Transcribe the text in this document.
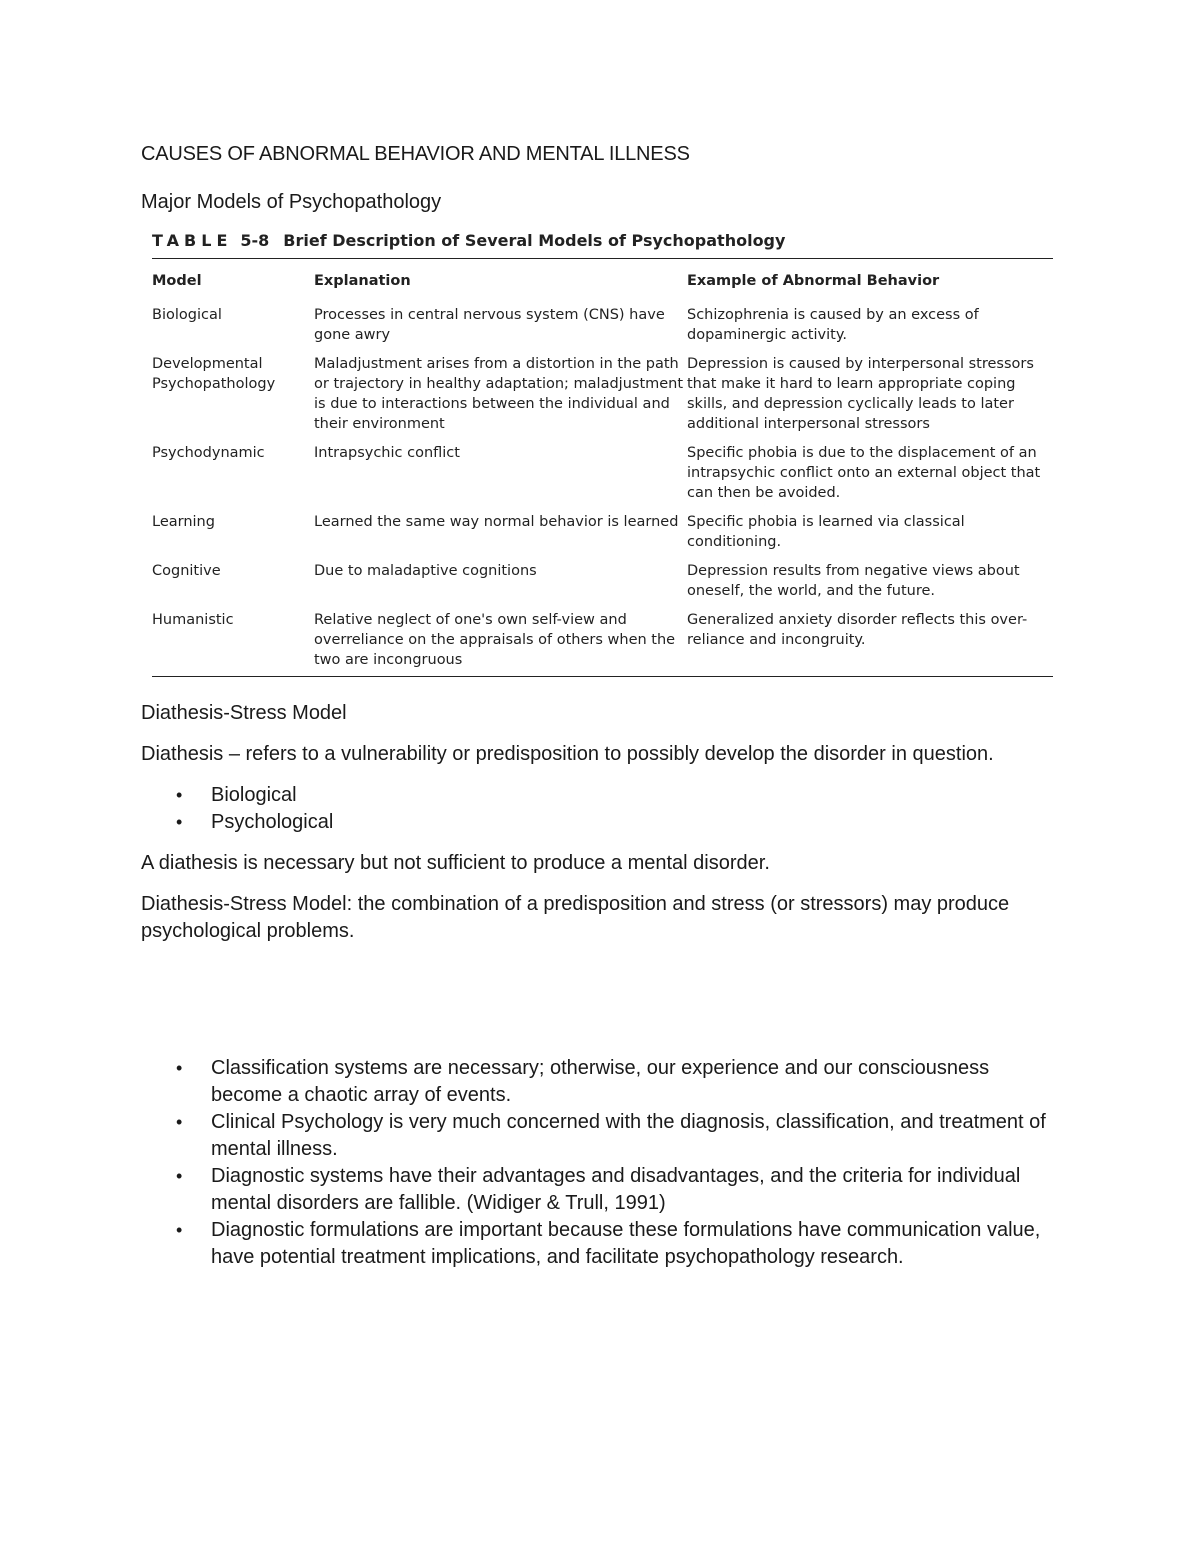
CAUSES OF ABNORMAL BEHAVIOR AND MENTAL ILLNESS
Major Models of Psychopathology
TABLE 5-8 Brief Description of Several Models of Psychopathology
Model	Explanation	Example of Abnormal Behavior
Biological	Processes in central nervous system (CNS) have gone awry	Schizophrenia is caused by an excess of dopaminergic activity.
Developmental Psychopathology	Maladjustment arises from a distortion in the path or trajectory in healthy adaptation; maladjustment is due to interactions between the individual and their environment	Depression is caused by interpersonal stressors that make it hard to learn appropriate coping skills, and depression cyclically leads to later additional interpersonal stressors
Psychodynamic	Intrapsychic conflict	Specific phobia is due to the displacement of an intrapsychic conflict onto an external object that can then be avoided.
Learning	Learned the same way normal behavior is learned	Specific phobia is learned via classical conditioning.
Cognitive	Due to maladaptive cognitions	Depression results from negative views about oneself, the world, and the future.
Humanistic	Relative neglect of one's own self-view and overreliance on the appraisals of others when the two are incongruous	Generalized anxiety disorder reflects this over-reliance and incongruity.
Diathesis-Stress Model

Diathesis – refers to a vulnerability or predisposition to possibly develop the disorder in question.

• Biological
• Psychological

A diathesis is necessary but not sufficient to produce a mental disorder.

Diathesis-Stress Model: the combination of a predisposition and stress (or stressors) may produce psychological problems.

• Classification systems are necessary; otherwise, our experience and our consciousness become a chaotic array of events.
• Clinical Psychology is very much concerned with the diagnosis, classification, and treatment of mental illness.
• Diagnostic systems have their advantages and disadvantages, and the criteria for individual mental disorders are fallible. (Widiger & Trull, 1991)
• Diagnostic formulations are important because these formulations have communication value, have potential treatment implications, and facilitate psychopathology research.
